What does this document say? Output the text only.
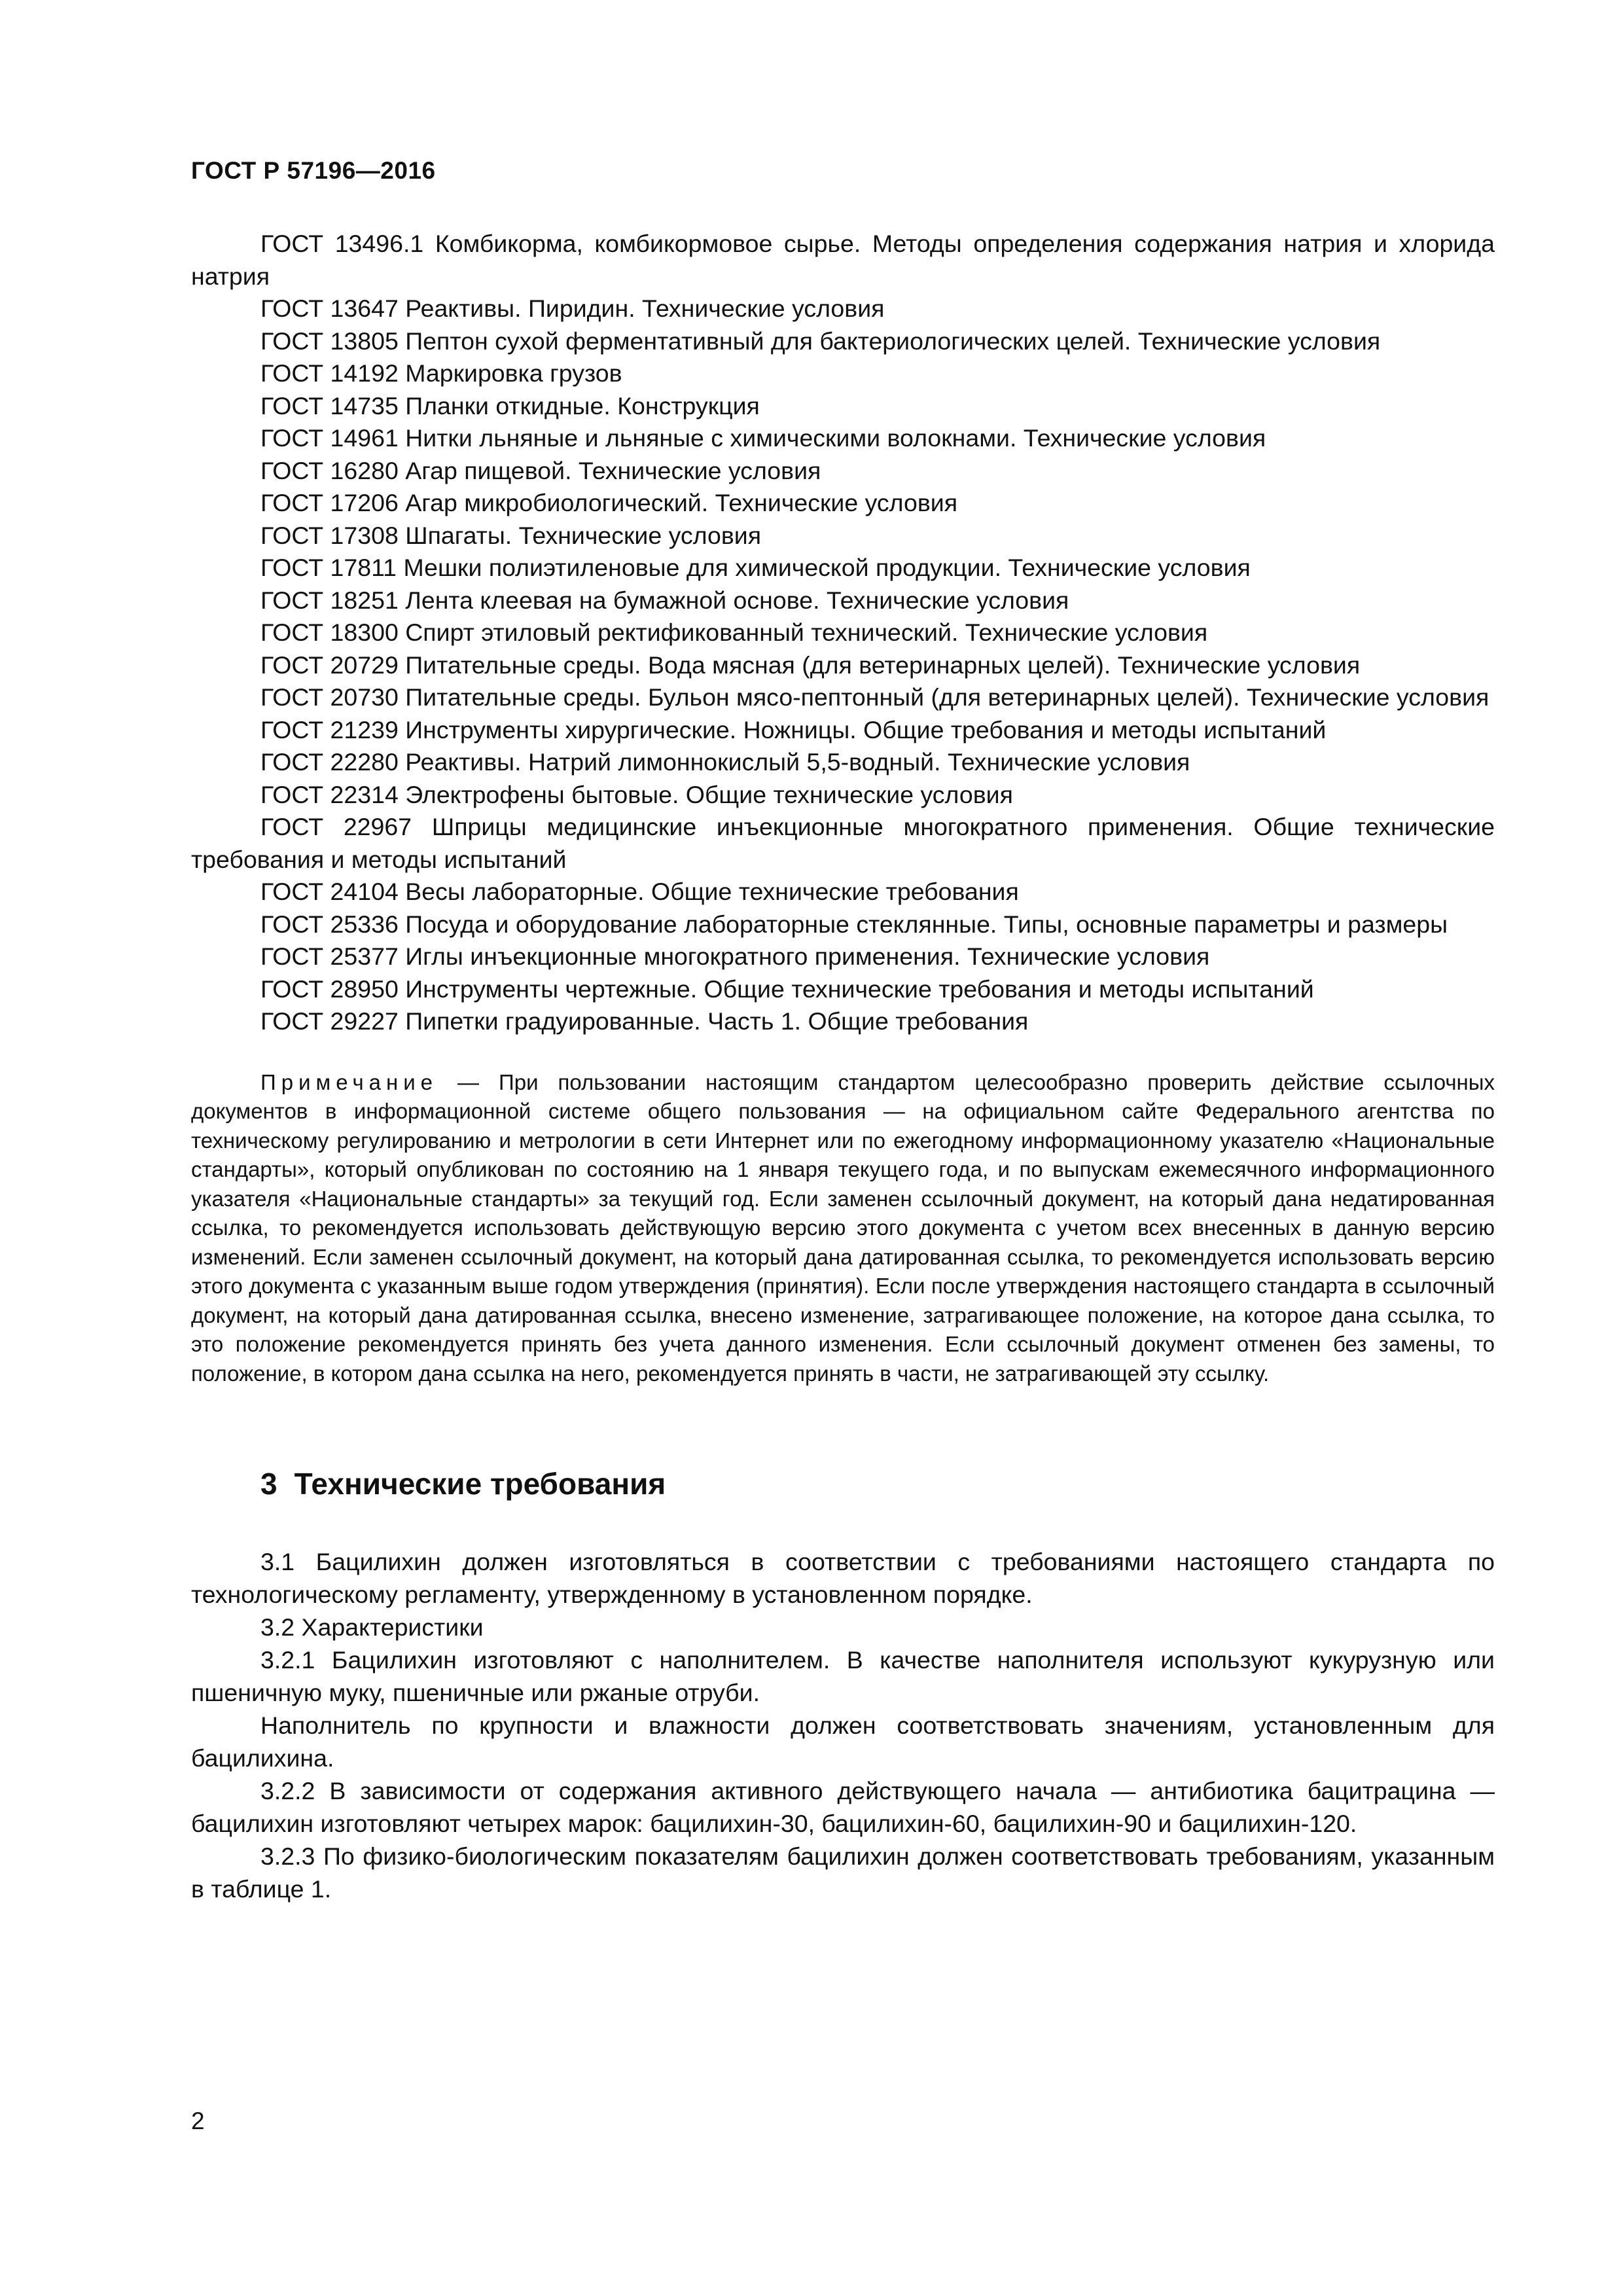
ГОСТ Р 57196—2016

ГОСТ 13496.1 Комбикорма, комбикормовое сырье. Методы определения содержания натрия и хлорида натрия
ГОСТ 13647 Реактивы. Пиридин. Технические условия
ГОСТ 13805 Пептон сухой ферментативный для бактериологических целей. Технические условия
ГОСТ 14192 Маркировка грузов
ГОСТ 14735 Планки откидные. Конструкция
ГОСТ 14961 Нитки льняные и льняные с химическими волокнами. Технические условия
ГОСТ 16280 Агар пищевой. Технические условия
ГОСТ 17206 Агар микробиологический. Технические условия
ГОСТ 17308 Шпагаты. Технические условия
ГОСТ 17811 Мешки полиэтиленовые для химической продукции. Технические условия
ГОСТ 18251 Лента клеевая на бумажной основе. Технические условия
ГОСТ 18300 Спирт этиловый ректификованный технический. Технические условия
ГОСТ 20729 Питательные среды. Вода мясная (для ветеринарных целей). Технические условия
ГОСТ 20730 Питательные среды. Бульон мясо-пептонный (для ветеринарных целей). Технические условия
ГОСТ 21239 Инструменты хирургические. Ножницы. Общие требования и методы испытаний
ГОСТ 22280 Реактивы. Натрий лимоннокислый 5,5-водный. Технические условия
ГОСТ 22314 Электрофены бытовые. Общие технические условия
ГОСТ 22967 Шприцы медицинские инъекционные многократного применения. Общие технические требования и методы испытаний
ГОСТ 24104 Весы лабораторные. Общие технические требования
ГОСТ 25336 Посуда и оборудование лабораторные стеклянные. Типы, основные параметры и размеры
ГОСТ 25377 Иглы инъекционные многократного применения. Технические условия
ГОСТ 28950 Инструменты чертежные. Общие технические требования и методы испытаний
ГОСТ 29227 Пипетки градуированные. Часть 1. Общие требования

Примечание — При пользовании настоящим стандартом целесообразно проверить действие ссылочных документов в информационной системе общего пользования — на официальном сайте Федерального агентства по техническому регулированию и метрологии в сети Интернет или по ежегодному информационному указателю «Национальные стандарты», который опубликован по состоянию на 1 января текущего года, и по выпускам ежемесячного информационного указателя «Национальные стандарты» за текущий год. Если заменен ссылочный документ, на который дана недатированная ссылка, то рекомендуется использовать действующую версию этого документа с учетом всех внесенных в данную версию изменений. Если заменен ссылочный документ, на который дана датированная ссылка, то рекомендуется использовать версию этого документа с указанным выше годом утверждения (принятия). Если после утверждения настоящего стандарта в ссылочный документ, на который дана датированная ссылка, внесено изменение, затрагивающее положение, на которое дана ссылка, то это положение рекомендуется принять без учета данного изменения. Если ссылочный документ отменен без замены, то положение, в котором дана ссылка на него, рекомендуется принять в части, не затрагивающей эту ссылку.

3 Технические требования

3.1 Бацилихин должен изготовляться в соответствии с требованиями настоящего стандарта по технологическому регламенту, утвержденному в установленном порядке.

3.2 Характеристики

3.2.1 Бацилихин изготовляют с наполнителем. В качестве наполнителя используют кукурузную или пшеничную муку, пшеничные или ржаные отруби.

Наполнитель по крупности и влажности должен соответствовать значениям, установленным для бацилихина.

3.2.2 В зависимости от содержания активного действующего начала — антибиотика бацитрацина — бацилихин изготовляют четырех марок: бацилихин-30, бацилихин-60, бацилихин-90 и бацилихин-120.

3.2.3 По физико-биологическим показателям бацилихин должен соответствовать требованиям, указанным в таблице 1.

2
